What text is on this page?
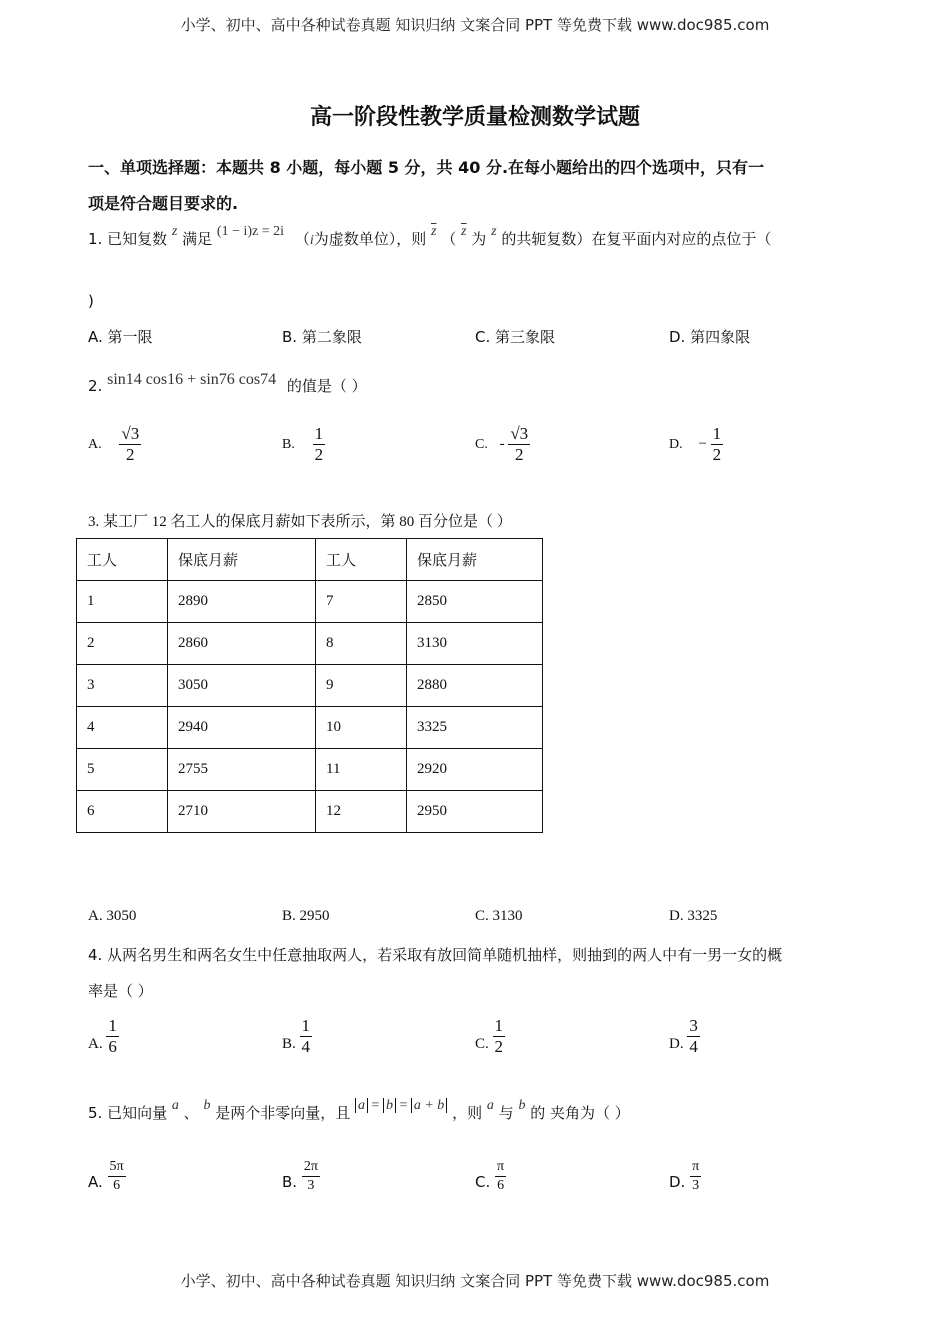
小学、初中、高中各种试卷真题 知识归纳 文案合同 PPT 等免费下载 www.doc985.com
小学、初中、高中各种试卷真题 知识归纳 文案合同 PPT 等免费下载 www.doc985.com
高一阶段性教学质量检测数学试题
一、单项选择题：本题共 8 小题，每小题 5 分，共 40 分.在每小题给出的四个选项中，只有一
项是符合题目要求的.
1. 已知复数 z 满足 (1 − i)z = 2i （i为虚数单位），则 $\overline{z}$ （ $\overline{z}$ 为 z 的共轭复数）在复平面内对应的点位于（
)
A. 第一限	B. 第二象限	C. 第三象限	D. 第四象限
2. sin14 cos16 + sin76 cos74 的值是（ ）
A. $\frac{√3}{2}$	B. $\frac{1}{2}$	C. - $\frac{√3}{2}$	D. − $\frac{1}{2}$
3. 某工厂 12 名工人的保底月薪如下表所示，第 80 百分位是（ ）
工人	保底月薪	工人	保底月薪
1	2890	7	2850
2	2860	8	3130
3	3050	9	2880
4	2940	10	3325
5	2755	11	2920
6	2710	12	2950
A. 3050	B. 2950	C. 3130	D. 3325
4. 从两名男生和两名女生中任意抽取两人，若采取有放回简单随机抽样，则抽到的两人中有一男一女的概
率是（ ）
A. $\frac{1}{6}$	B. $\frac{1}{4}$	C. $\frac{1}{2}$	D. $\frac{3}{4}$
5. 已知向量 a 、 b 是两个非零向量，且 a = b = a + b ，则 a 与 b 的 夹角为（ ）
A. $\frac{5\pi}{6}$	B. $\frac{2\pi}{3}$	C. $\frac{\pi}{6}$	D. $\frac{\pi}{3}$
